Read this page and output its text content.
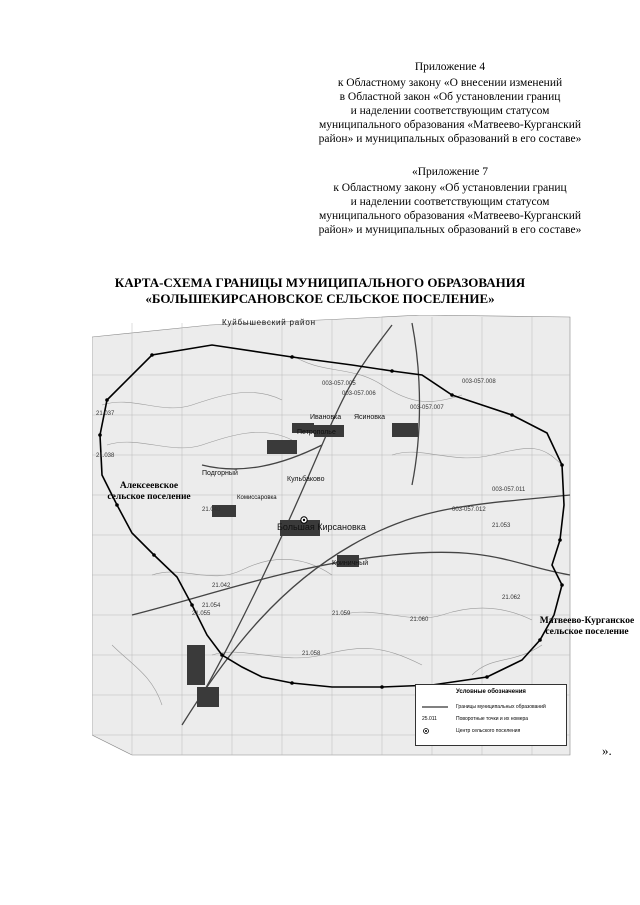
Приложение 4
к Областному закону «О внесении изменений
в Областной закон «Об установлении границ
и наделении соответствующим статусом
муниципального образования «Матвеево-Курганский
район» и муниципальных образований в его составе»
«Приложение 7
к Областному закону «Об установлении границ
и наделении соответствующим статусом
муниципального образования «Матвеево-Курганский
район» и муниципальных образований в его составе»
КАРТА-СХЕМА ГРАНИЦЫ МУНИЦИПАЛЬНОГО ОБРАЗОВАНИЯ
«БОЛЬШЕКИРСАНОВСКОЕ СЕЛЬСКОЕ ПОСЕЛЕНИЕ»
Куйбышевский район
Ивановка Ясиновка
Петрополье
Подгорный
Кульбаково
Большая Кирсановка
Криничный
Комиссаровка
003-057.005
003-057.006
003-057.007
003-057.008
003-057.011
003-057.012
21.037
21.038
21.040
21.042
21.053
21.054
21.055
21.058
21.059
21.060
21.062
Алексеевское
сельское поселение
Матвеево-Курганское
сельское поселение
Условные обозначения
Границы муниципальных образований
25.011	Поворотные точки и их номера
Центр сельского поселения
».
